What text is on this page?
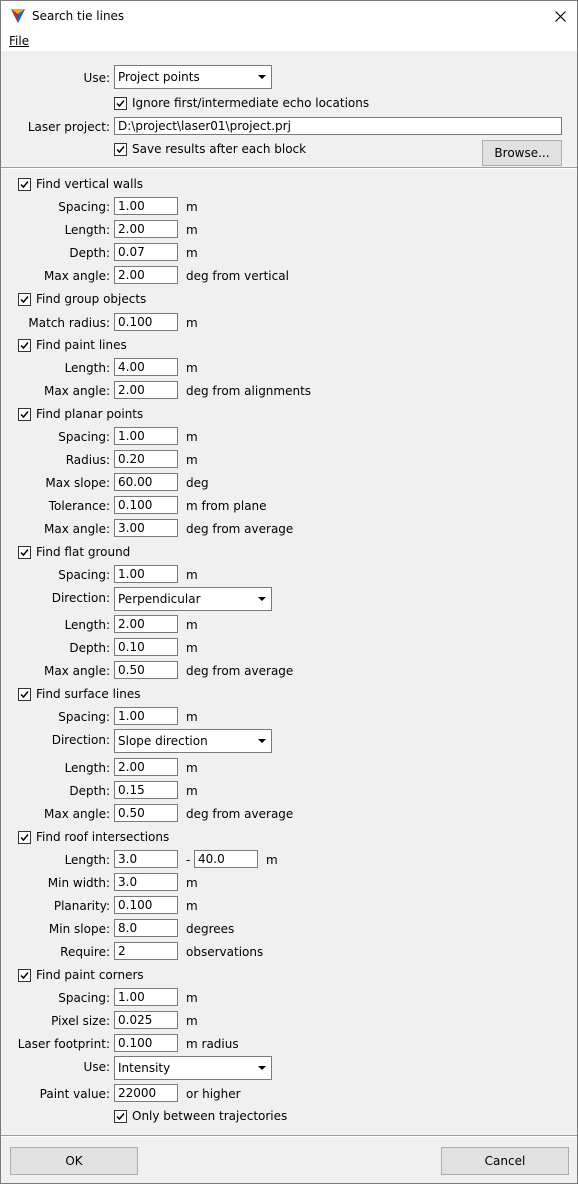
Search tie lines
File
Use: Project points
Ignore first/intermediate echo locations
Laser project: D:\project\laser01\project.prj
Save results after each block	Browse...
Find vertical walls
Spacing: 1.00	m
Length: 2.00	m
Depth: 0.07	m
Max angle: 2.00	deg from vertical
Find group objects
Match radius: 0.100	m
Find paint lines
Length: 4.00	m
Max angle: 2.00	deg from alignments
Find planar points
Spacing: 1.00	m
Radius: 0.20	m
Max slope: 60.00	deg
Tolerance: 0.100	m from plane
Max angle: 3.00	deg from average
Find flat ground
Spacing: 1.00	m
Direction: Perpendicular
Length: 2.00	m
Depth: 0.10	m
Max angle: 0.50	deg from average
Find surface lines
Spacing: 1.00	m
Direction: Slope direction
Length: 2.00	m
Depth: 0.15	m
Max angle: 0.50	deg from average
Find roof intersections
Length: 3.0	- 40.0	m
Min width: 3.0	m
Planarity: 0.100	m
Min slope: 8.0	degrees
Require: 2	observations
Find paint corners
Spacing: 1.00	m
Pixel size: 0.025	m
Laser footprint: 0.100	m radius
Use: Intensity
Paint value: 22000	or higher
Only between trajectories
OK	Cancel
